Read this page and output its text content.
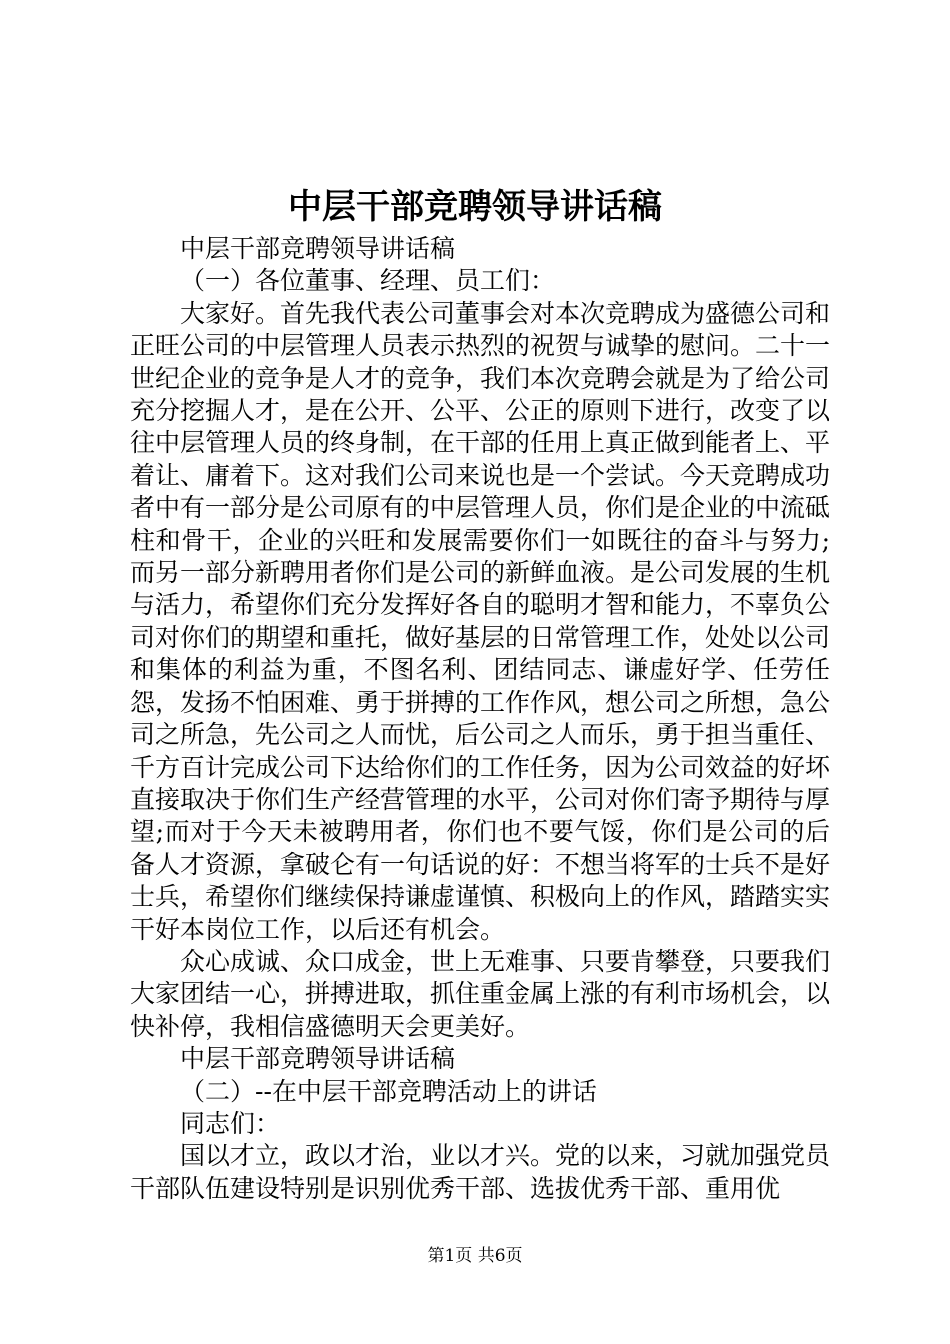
中层干部竞聘领导讲话稿

中层干部竞聘领导讲话稿

（一）各位董事、经理、员工们：

大家好。首先我代表公司董事会对本次竞聘成为盛德公司和正旺公司的中层管理人员表示热烈的祝贺与诚挚的慰问。二十一世纪企业的竞争是人才的竞争，我们本次竞聘会就是为了给公司充分挖掘人才，是在公开、公平、公正的原则下进行，改变了以往中层管理人员的终身制，在干部的任用上真正做到能者上、平着让、庸着下。这对我们公司来说也是一个尝试。今天竞聘成功者中有一部分是公司原有的中层管理人员，你们是企业的中流砥柱和骨干，企业的兴旺和发展需要你们一如既往的奋斗与努力;而另一部分新聘用者你们是公司的新鲜血液。是公司发展的生机与活力，希望你们充分发挥好各自的聪明才智和能力，不辜负公司对你们的期望和重托，做好基层的日常管理工作，处处以公司和集体的利益为重，不图名利、团结同志、谦虚好学、任劳任怨，发扬不怕困难、勇于拼搏的工作作风，想公司之所想，急公司之所急，先公司之人而忧，后公司之人而乐，勇于担当重任、千方百计完成公司下达给你们的工作任务，因为公司效益的好坏直接取决于你们生产经营管理的水平，公司对你们寄予期待与厚望;而对于今天未被聘用者，你们也不要气馁，你们是公司的后备人才资源，拿破仑有一句话说的好：不想当将军的士兵不是好士兵，希望你们继续保持谦虚谨慎、积极向上的作风，踏踏实实干好本岗位工作，以后还有机会。

众心成诚、众口成金，世上无难事、只要肯攀登，只要我们大家团结一心，拼搏进取，抓住重金属上涨的有利市场机会，以快补停，我相信盛德明天会更美好。

中层干部竞聘领导讲话稿

（二）--在中层干部竞聘活动上的讲话

同志们：

国以才立，政以才治，业以才兴。党的以来，习就加强党员干部队伍建设特别是识别优秀干部、选拔优秀干部、重用优

第1页 共6页
